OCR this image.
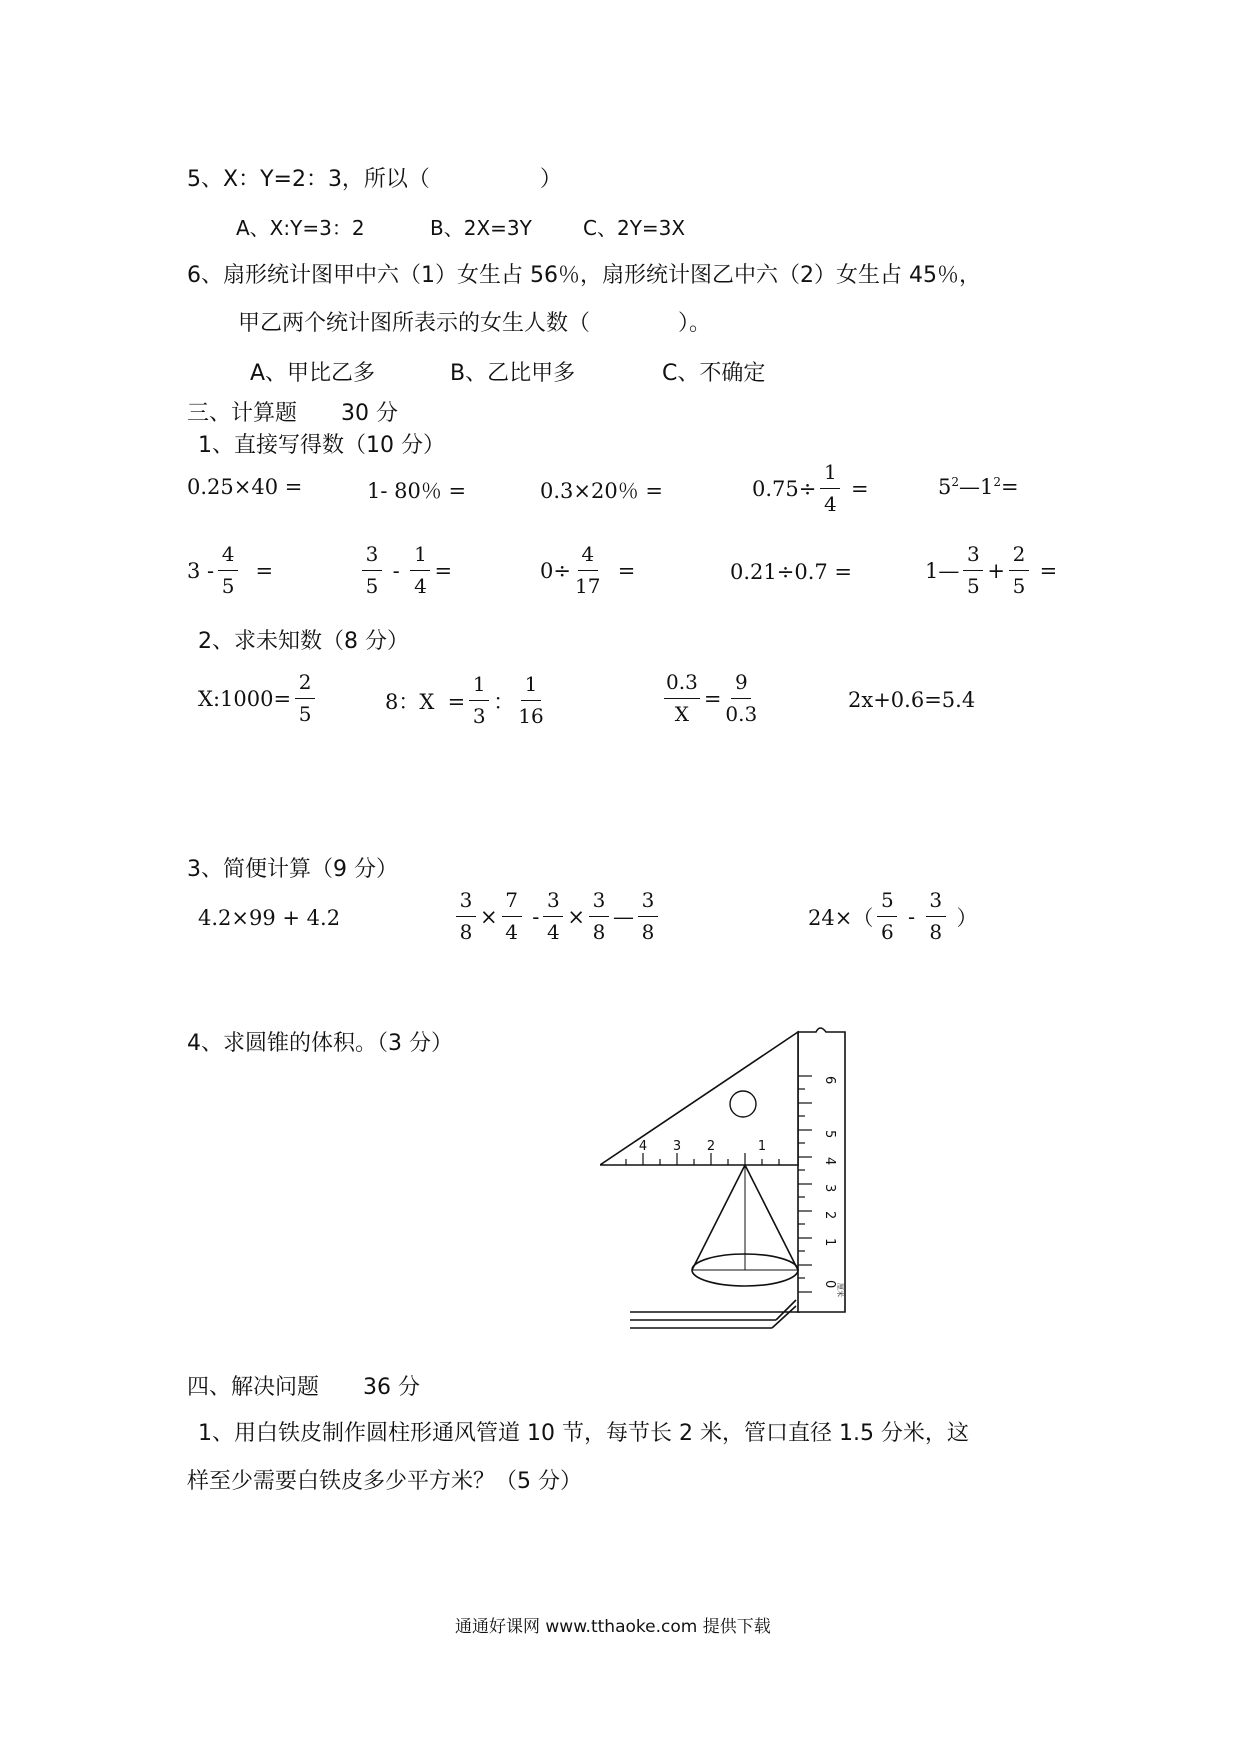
5、X：Y=2：3，所以（　　　　　）
A、X:Y=3：2	B、2X=3Y	C、2Y=3X
6、扇形统计图甲中六（1）女生占 56％，扇形统计图乙中六（2）女生占 45％，
甲乙两个统计图所表示的女生人数（　　　　）。
A、甲比乙多	B、乙比甲多	C、不确定
三、计算题　　30 分
1、直接写得数（10 分）
0.25×40 =	1- 80％ =	0.3×20％ =	$0.75\div \frac{1}{4}$ =	$5^2—1^2=$
$3 - \frac{4}{5}$ =	$\frac{3}{5} - \frac{1}{4}$ =	$0\div \frac{4}{17}$ =	0.21÷0.7 =	1— $\frac{3}{5} + \frac{2}{5}$ =
2、求未知数（8 分）
X:1000= $\frac{2}{5}$	8：$X = \frac{1}{3}$ ： $\frac{1}{16}$	$\frac{0.3}{X} = \frac{9}{0.3}$	2x+0.6=5.4
3、简便计算（9 分）
4.2×99 + 4.2	$\frac{3}{8} \times \frac{7}{4} - \frac{3}{4} \times \frac{3}{8}$ — $\frac{3}{8}$	$24\times( \frac{5}{6} - \frac{3}{8}$ ）
4、求圆锥的体积。（3 分）
6
5
4
3
2
1
0 厘米
4 3 2	1
四、解决问题　　36 分
1、用白铁皮制作圆柱形通风管道 10 节，每节长 2 米，管口直径 1.5 分米，这
样至少需要白铁皮多少平方米？（5 分）
通通好课网 www.tthaoke.com 提供下载
